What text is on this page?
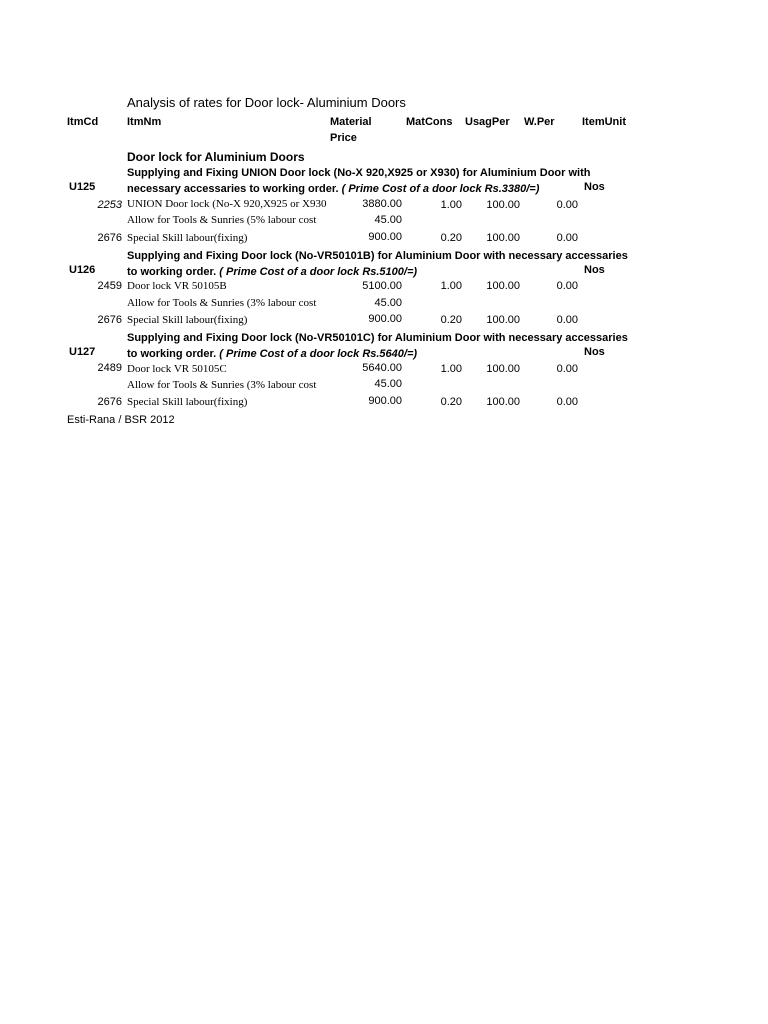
Analysis of rates for Door lock- Aluminium Doors
ItmCd	ItmNm	Material
Price
MatCons UsagPer W.Per ItemUnit
Door lock for Aluminium Doors
U125
Supplying and Fixing UNION Door lock (No-X 920,X925 or X930) for Aluminium Door with
necessary accessaries to working order. ( Prime Cost of a door lock Rs.3380/=)	Nos
2253 UNION Door lock (No-X 920,X925 or X930	3880.00	1.00	100.00	0.00
Allow for Tools & Sunries (5% labour cost	45.00
2676 Special Skill labour(fixing)	900.00	0.20	100.00	0.00
U126
Supplying and Fixing Door lock (No-VR50101B) for Aluminium Door with necessary accessaries
to working order. ( Prime Cost of a door lock Rs.5100/=)	Nos
2459 Door lock VR 50105B	5100.00	1.00	100.00	0.00
Allow for Tools & Sunries (3% labour cost	45.00
2676 Special Skill labour(fixing)	900.00	0.20	100.00	0.00
U127
Supplying and Fixing Door lock (No-VR50101C) for Aluminium Door with necessary accessaries
to working order. ( Prime Cost of a door lock Rs.5640/=)	Nos
2489 Door lock VR 50105C	5640.00	1.00	100.00	0.00
Allow for Tools & Sunries (3% labour cost	45.00
2676 Special Skill labour(fixing)	900.00	0.20	100.00	0.00
Esti-Rana / BSR 2012
